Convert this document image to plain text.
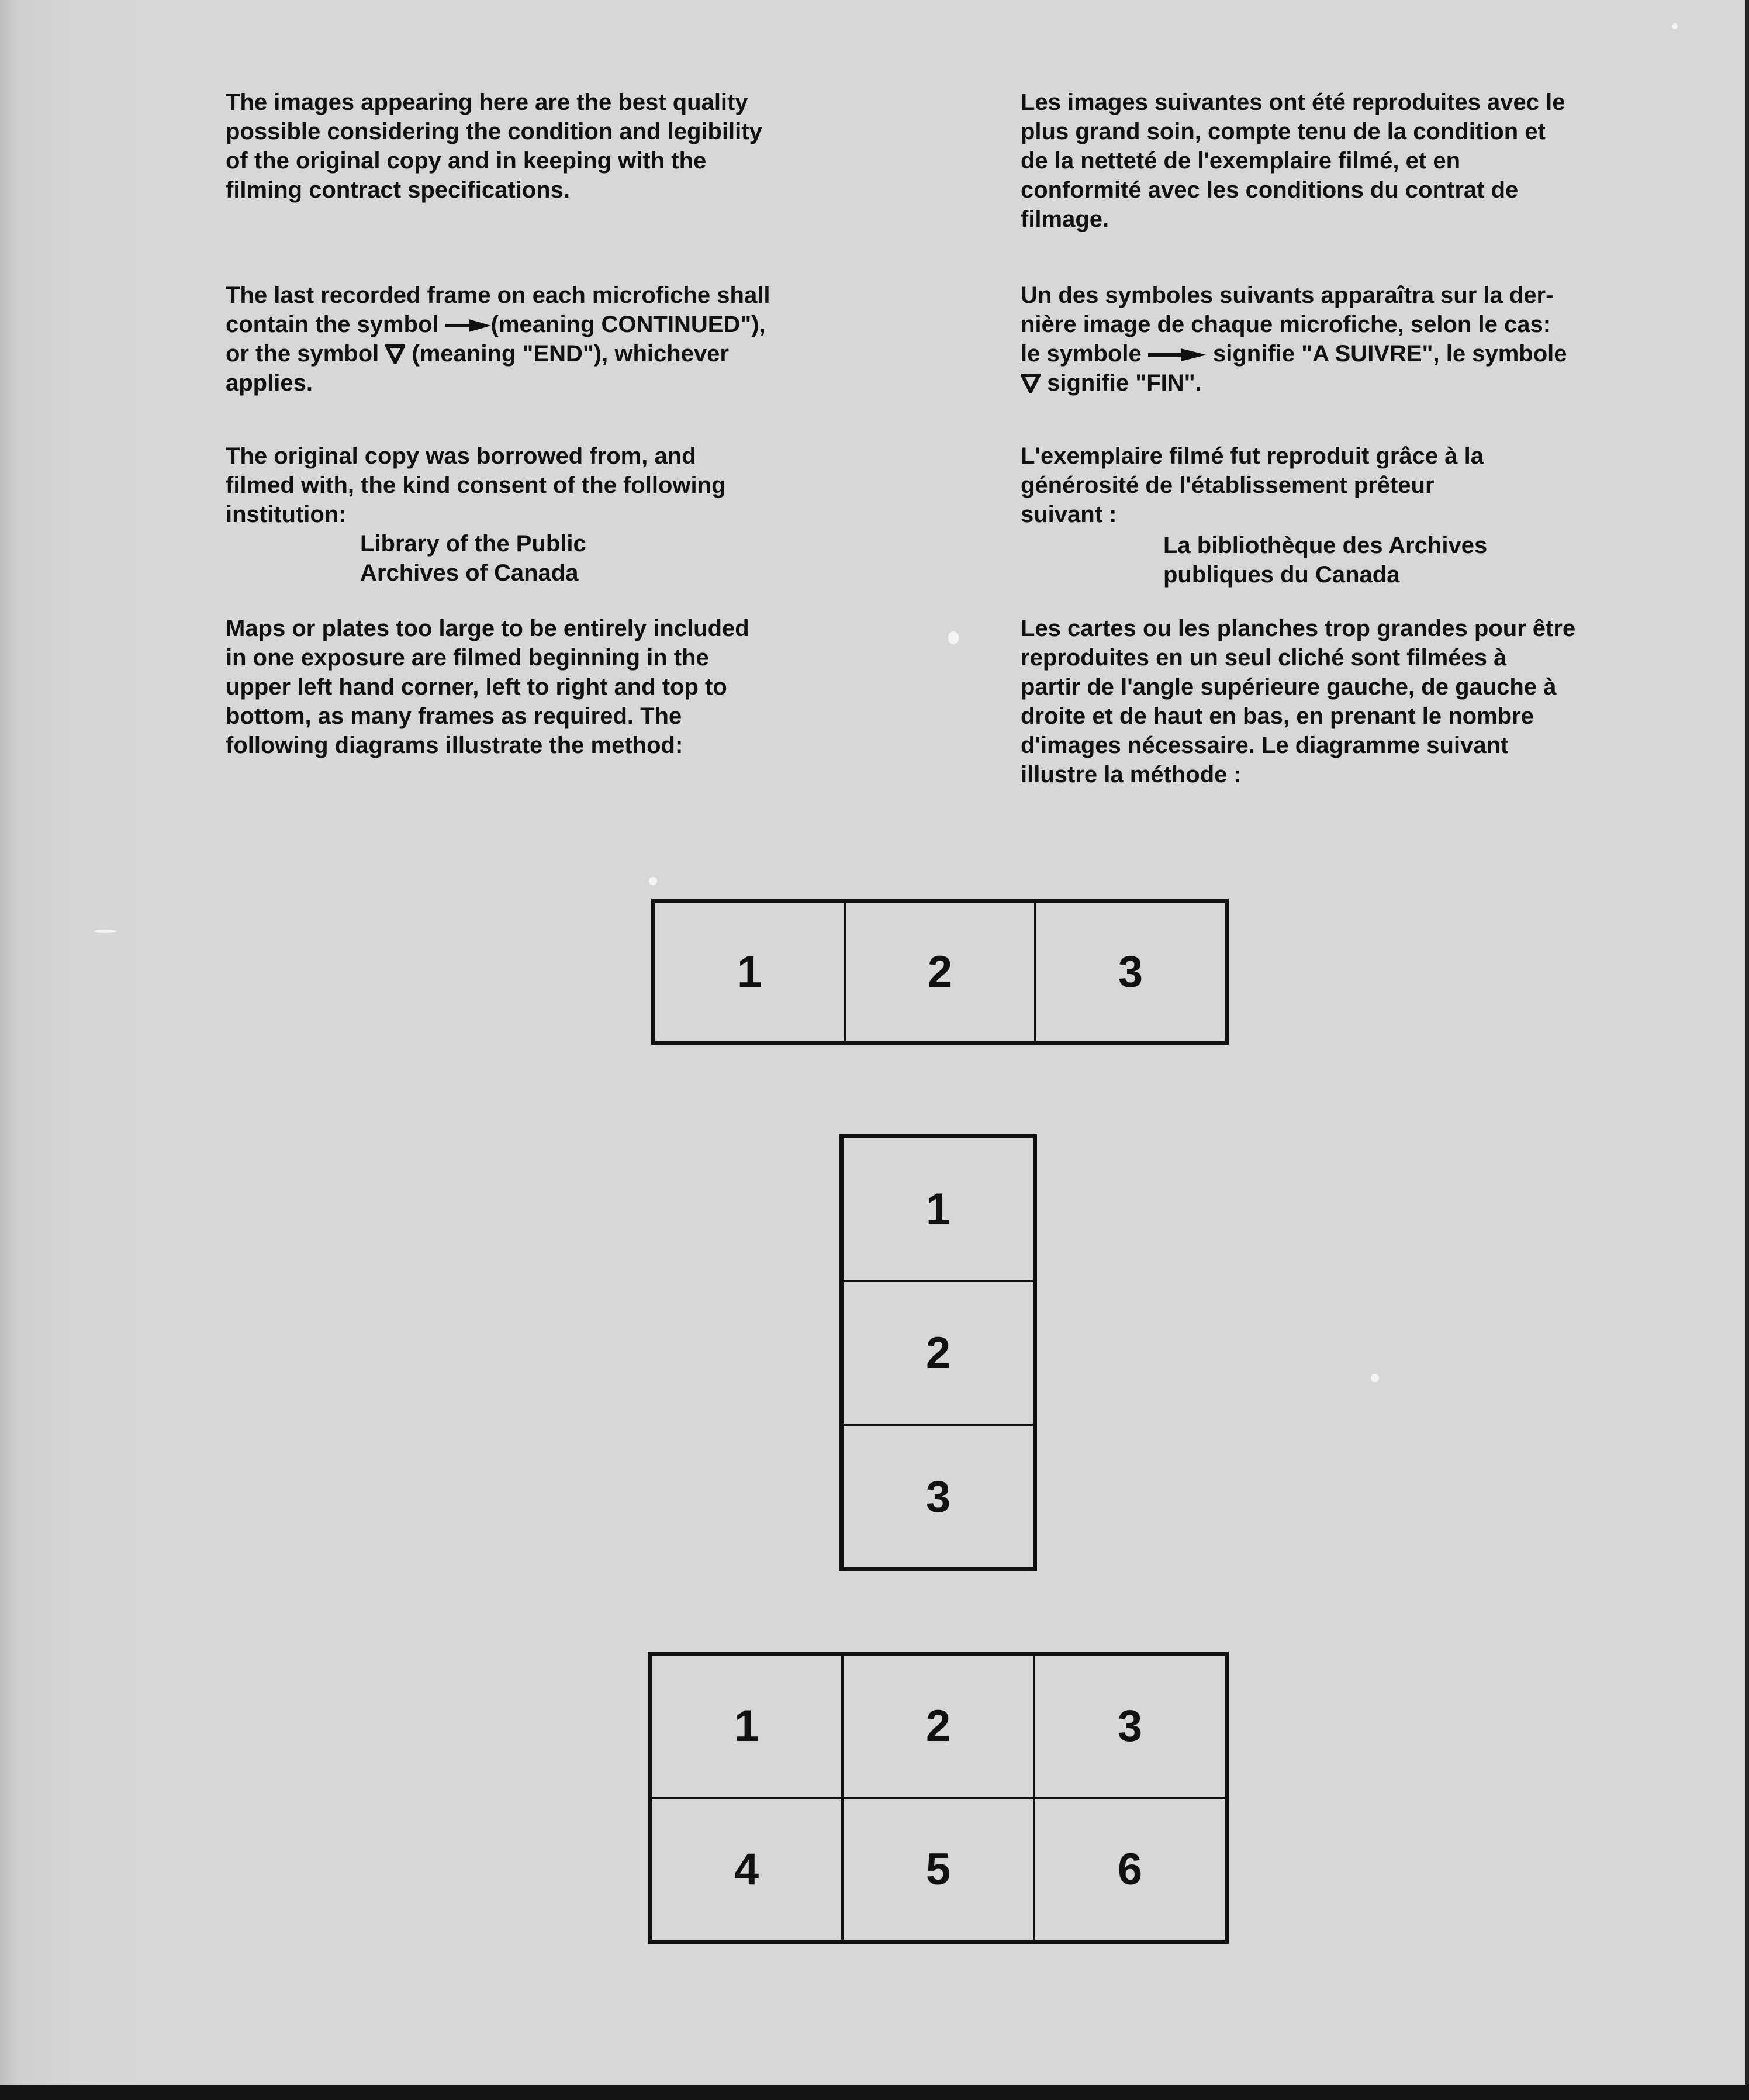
The images appearing here are the best quality
possible considering the condition and legibility
of the original copy and in keeping with the
filming contract specifications.
The last recorded frame on each microfiche shall
contain the symbol (meaning CONTINUED"),
or the symbol (meaning "END"), whichever
applies.
The original copy was borrowed from, and
filmed with, the kind consent of the following
institution:
Library of the Public
Archives of Canada
Maps or plates too large to be entirely included
in one exposure are filmed beginning in the
upper left hand corner, left to right and top to
bottom, as many frames as required. The
following diagrams illustrate the method:
Les images suivantes ont été reproduites avec le
plus grand soin, compte tenu de la condition et
de la netteté de l'exemplaire filmé, et en
conformité avec les conditions du contrat de
filmage.
Un des symboles suivants apparaîtra sur la der-
nière image de chaque microfiche, selon le cas:
le symbole	signifie "A SUIVRE", le symbole
signifie "FIN".
L'exemplaire filmé fut reproduit grâce à la
générosité de l'établissement prêteur
suivant :
La bibliothèque des Archives
publiques du Canada
Les cartes ou les planches trop grandes pour être
reproduites en un seul cliché sont filmées à
partir de l'angle supérieure gauche, de gauche à
droite et de haut en bas, en prenant le nombre
d'images nécessaire. Le diagramme suivant
illustre la méthode :
1	2	3
1
2
3
1	2	3
4	5	6
